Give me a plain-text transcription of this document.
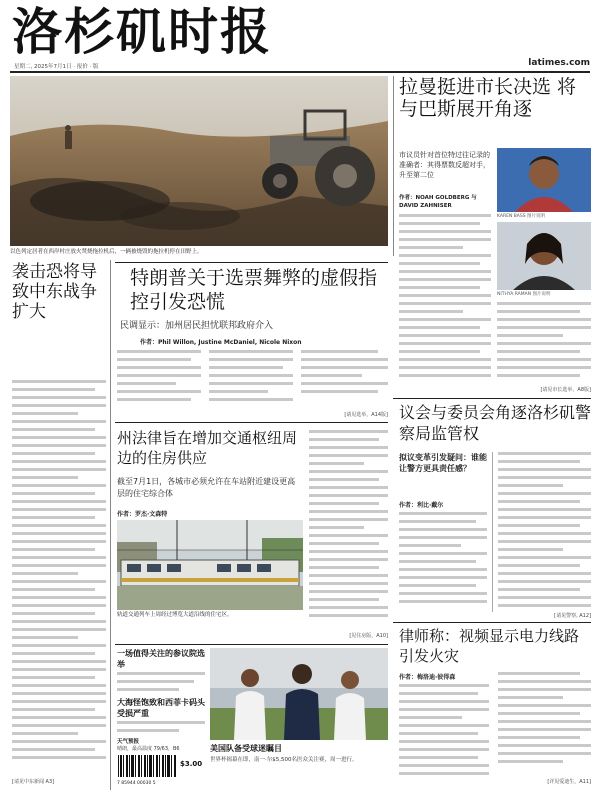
洛杉矶时报
星期二, 2025年7月1日 · 报价 · 版	latimes.com
以色列定居者在西岸村庄放火焚烧拖拉机后，一辆被烧毁的拖拉机停在田野上。
拉曼挺进市长决选 将与巴斯展开角逐
市议员针对首位特过往记录的准确者：其得票数反超对手，升至第二位
作者：NOAH GOLDBERG 与 DAVID ZAHNISER
KAREN BASS 图片说明
NITHYA RAMAN 图片说明
[请见市长选举，A8版]
袭击恐将导致中东战争扩大
[请见中东新闻 A3]
特朗普关于选票舞弊的虚假指控引发恐慌
民调显示：加州居民担忧联邦政府介入
作者：Phil Willon, Justine McDaniel, Nicole Nixon
[请见选举，A14版]
州法律旨在增加交通枢纽周边的住房供应
截至7月1日，各城市必须允许在车站附近建设更高层的住宅综合体
作者：罗杰·文森特
轨道交通列车上周经过博览大道沿线的住宅区。
[见住房版，A10]
一场值得关注的参议院选举
大海怪饱致和西菲卡码头受损严重
天气预报
晴朗，最高温度 79/63，B6
7 85944 00030 5
$3.00
美国队备受球迷瞩目
世界杯揭幕在即，南一·尔$5,500名医众关注赛，周一进行。
议会与委员会角逐洛杉矶警察局监管权
拟议变革引发疑问：谁能让警方更具责任感？
作者：利比·戴尔
[请见警察, A12]
律师称：视频显示电力线路引发火灾
作者：梅洛迪·彼得森
[详见爱迪生，A11]
